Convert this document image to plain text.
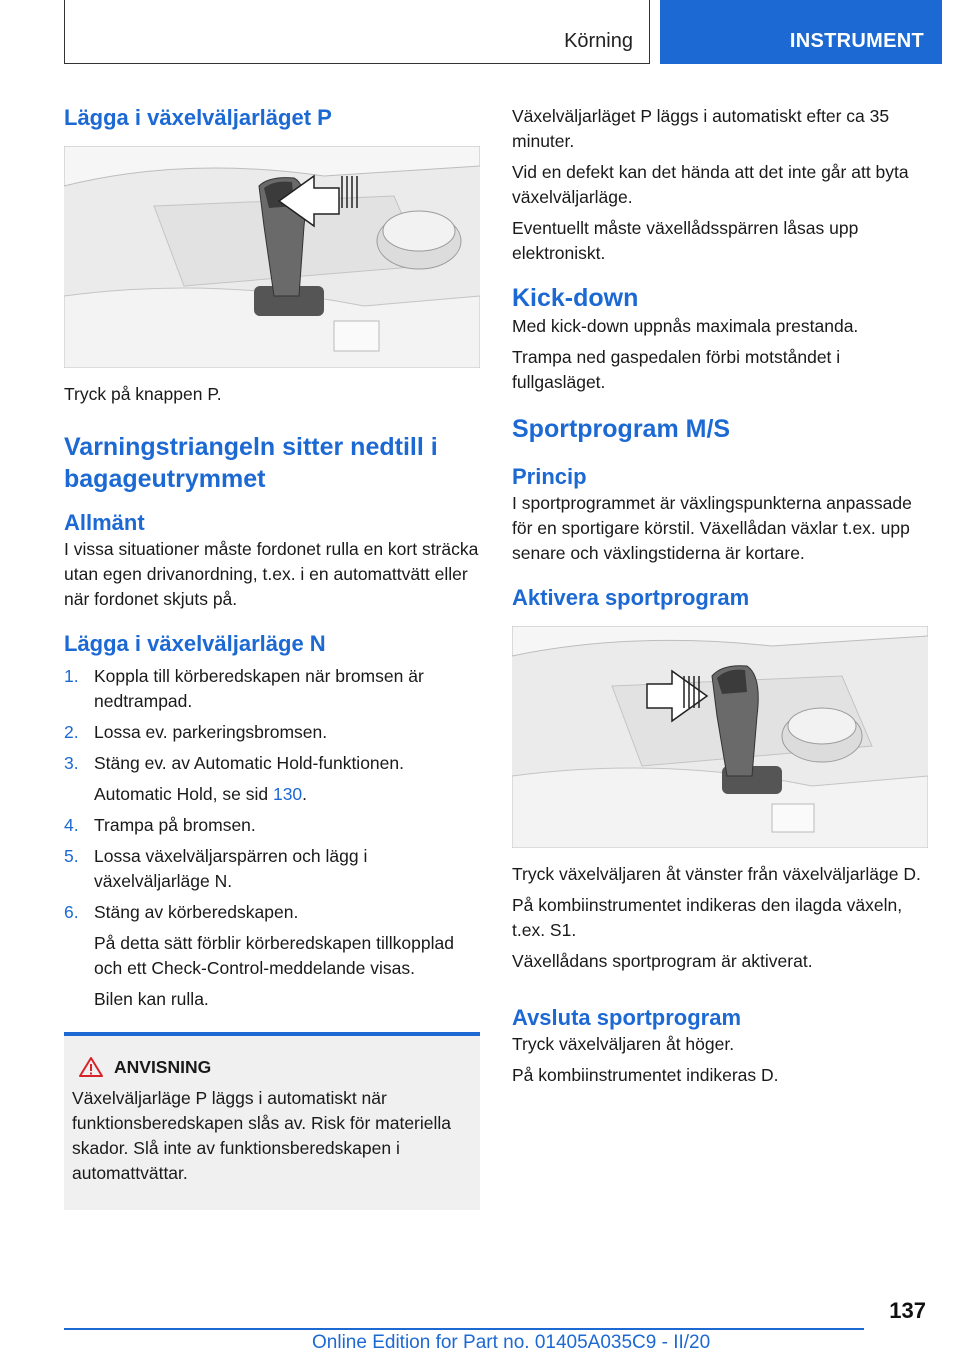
Körning	INSTRUMENT
Lägga i växelväljarläget P

Tryck på knappen P.

Varningstriangeln sitter nedtill i bagageutrymmet
Allmänt

I vissa situationer måste fordonet rulla en kort sträcka utan egen drivanordning, t.ex. i en automattvätt eller när fordonet skjuts på.

Lägga i växelväljarläge N
1. Koppla till körberedskapen när bromsen är nedtrampad.
2. Lossa ev. parkeringsbromsen.
3. Stäng ev. av Automatic Hold-funktionen.
Automatic Hold, se sid 130.
4. Trampa på bromsen.
5. Lossa växelväljarspärren och lägg i växelväljarläge N.
6. Stäng av körberedskapen.
På detta sätt förblir körberedskapen tillkopplad och ett Check-Control-meddelande visas.
Bilen kan rulla.
ANVISNING

Växelväljarläge P läggs i automatiskt när funktionsberedskapen slås av. Risk för materiella skador. Slå inte av funktionsberedskapen i automattvättar.

Växelväljarläget P läggs i automatiskt efter ca 35 minuter.

Vid en defekt kan det hända att det inte går att byta växelväljarläge.

Eventuellt måste växellådsspärren låsas upp elektroniskt.

Kick-down

Med kick-down uppnås maximala prestanda.

Trampa ned gaspedalen förbi motståndet i fullgasläget.

Sportprogram M/S
Princip

I sportprogrammet är växlingspunkterna anpassade för en sportigare körstil. Växellådan växlar t.ex. upp senare och växlingstiderna är kortare.

Aktivera sportprogram

Tryck växelväljaren åt vänster från växelväljarläge D.

På kombiinstrumentet indikeras den ilagda växeln, t.ex. S1.

Växellådans sportprogram är aktiverat.

Avsluta sportprogram

Tryck växelväljaren åt höger.

På kombiinstrumentet indikeras D.

137
Online Edition for Part no. 01405A035C9 - II/20
